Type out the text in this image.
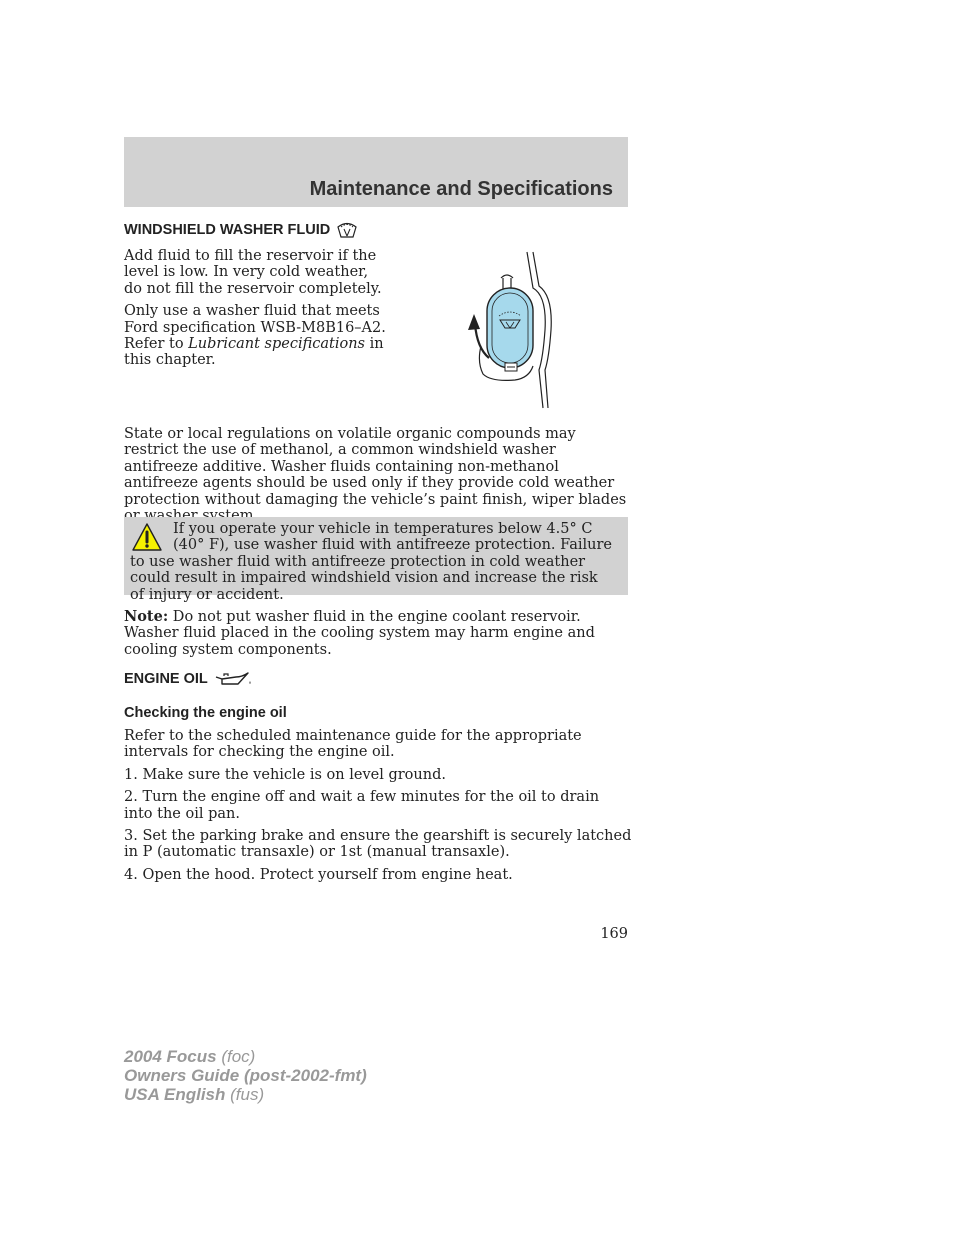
Maintenance and Specifications
WINDSHIELD WASHER FLUID

Add fluid to fill the reservoir if the level is low. In very cold weather, do not fill the reservoir completely.

Only use a washer fluid that meets Ford specification WSB-M8B16–A2. Refer to Lubricant specifications in this chapter.

State or local regulations on volatile organic compounds may restrict the use of methanol, a common windshield washer antifreeze additive. Washer fluids containing non-methanol antifreeze agents should be used only if they provide cold weather protection without damaging the vehicle’s paint finish, wiper blades

If you operate your vehicle in temperatures below 4.5° C (40° F), use washer fluid with antifreeze protection. Failure to use washer fluid with antifreeze protection in cold weather could result in impaired windshield vision and increase the risk of injury or accident.

Note: Do not put washer fluid in the engine coolant reservoir. Washer fluid placed in the cooling system may harm engine and cooling system components.

ENGINE OIL
Checking the engine oil

Refer to the scheduled maintenance guide for the appropriate intervals for checking the engine oil.

1. Make sure the vehicle is on level ground.

2. Turn the engine off and wait a few minutes for the oil to drain into the oil pan.

3. Set the parking brake and ensure the gearshift is securely latched in P (automatic transaxle) or 1st (manual transaxle).

4. Open the hood. Protect yourself from engine heat.

169

2004 Focus (foc)
Owners Guide (post-2002-fmt)
USA English (fus)
